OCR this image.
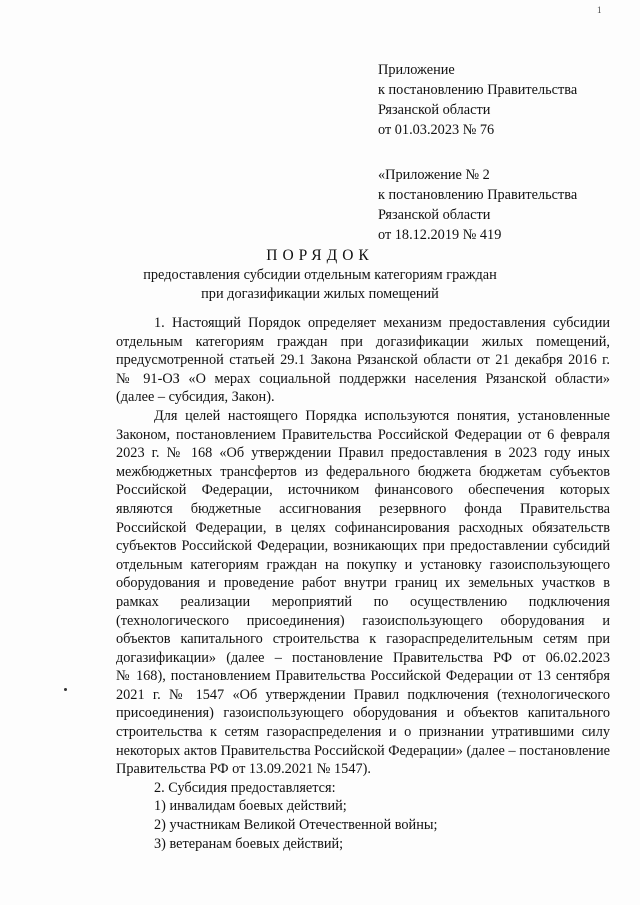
1
Приложение
к постановлению Правительства
Рязанской области
от 01.03.2023 № 76
«Приложение № 2
к постановлению Правительства
Рязанской области
от 18.12.2019 № 419
ПОРЯДОК
предоставления субсидии отдельным категориям граждан
при догазификации жилых помещений
1. Настоящий Порядок определяет механизм предоставления субсидии
отдельным категориям граждан при догазификации жилых помещений,
предусмотренной статьей 29.1 Закона Рязанской области от 21 декабря 2016 г.
№ 91-ОЗ «О мерах социальной поддержки населения Рязанской области»
(далее – субсидия, Закон).
Для целей настоящего Порядка используются понятия, установленные
Законом, постановлением Правительства Российской Федерации от 6 февраля
2023 г. № 168 «Об утверждении Правил предоставления в 2023 году иных
межбюджетных трансфертов из федерального бюджета бюджетам субъектов
Российской Федерации, источником финансового обеспечения которых
являются бюджетные ассигнования резервного фонда Правительства
Российской Федерации, в целях софинансирования расходных обязательств
субъектов Российской Федерации, возникающих при предоставлении субсидий
отдельным категориям граждан на покупку и установку газоиспользующего
оборудования и проведение работ внутри границ их земельных участков в
рамках реализации мероприятий по осуществлению подключения
(технологического присоединения) газоиспользующего оборудования и
объектов капитального строительства к газораспределительным сетям при
догазификации» (далее – постановление Правительства РФ от 06.02.2023
№ 168), постановлением Правительства Российской Федерации от 13 сентября
2021 г. № 1547 «Об утверждении Правил подключения (технологического
присоединения) газоиспользующего оборудования и объектов капитального
строительства к сетям газораспределения и о признании утратившими силу
некоторых актов Правительства Российской Федерации» (далее – постановление
Правительства РФ от 13.09.2021 № 1547).
2. Субсидия предоставляется:
1) инвалидам боевых действий;
2) участникам Великой Отечественной войны;
3) ветеранам боевых действий;
